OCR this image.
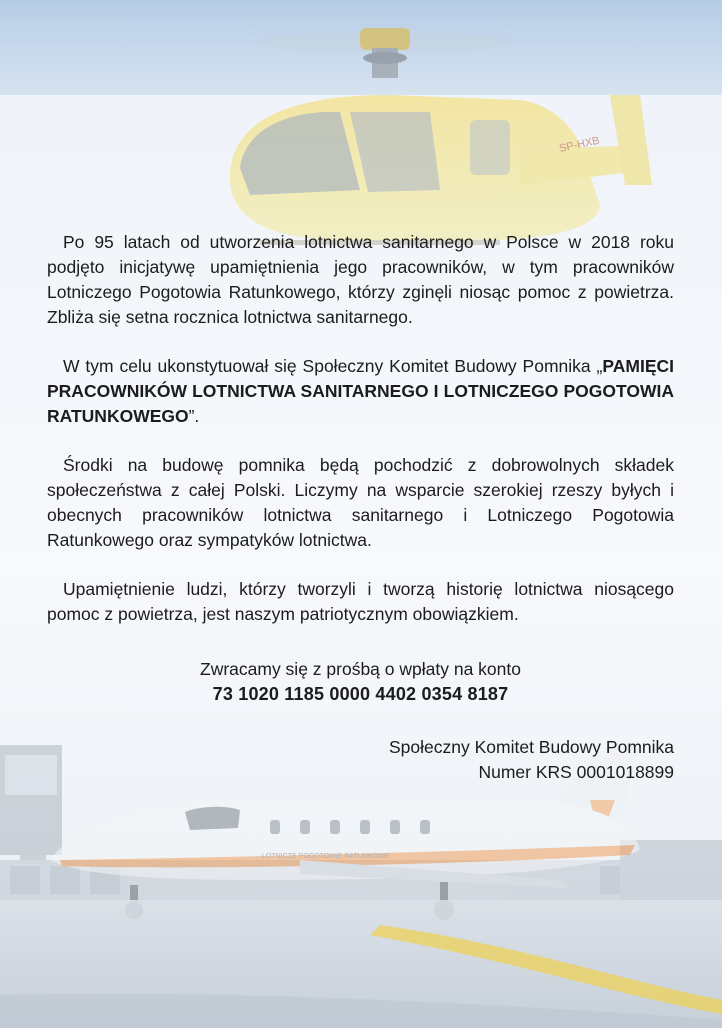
SP-HXB
LOTNICZE POGOTOWIE RATUNKOWE

Po 95 latach od utworzenia lotnictwa sanitarnego w Polsce w 2018 roku podjęto inicjatywę upamiętnienia jego pracowników, w tym pracowników Lotniczego Pogotowia Ratunkowego, którzy zginęli niosąc pomoc z powietrza. Zbliża się setna rocznica lotnictwa sanitarnego.

W tym celu ukonstytuował się Społeczny Komitet Budowy Pomnika „PAMIĘCI PRACOWNIKÓW LOTNICTWA SANITARNEGO I LOTNICZEGO POGOTOWIA RATUNKOWEGO”.

Środki na budowę pomnika będą pochodzić z dobrowolnych składek społeczeństwa z całej Polski. Liczymy na wsparcie szerokiej rzeszy byłych i obecnych pracowników lotnictwa sanitarnego i Lotniczego Pogotowia Ratunkowego oraz sympatyków lotnictwa.

Upamiętnienie ludzi, którzy tworzyli i tworzą historię lotnictwa niosącego pomoc z powietrza, jest naszym patriotycznym obowiązkiem.

Zwracamy się z prośbą o wpłaty na konto

73 1020 1185 0000 4402 0354 8187

Społeczny Komitet Budowy Pomnika
Numer KRS 0001018899
